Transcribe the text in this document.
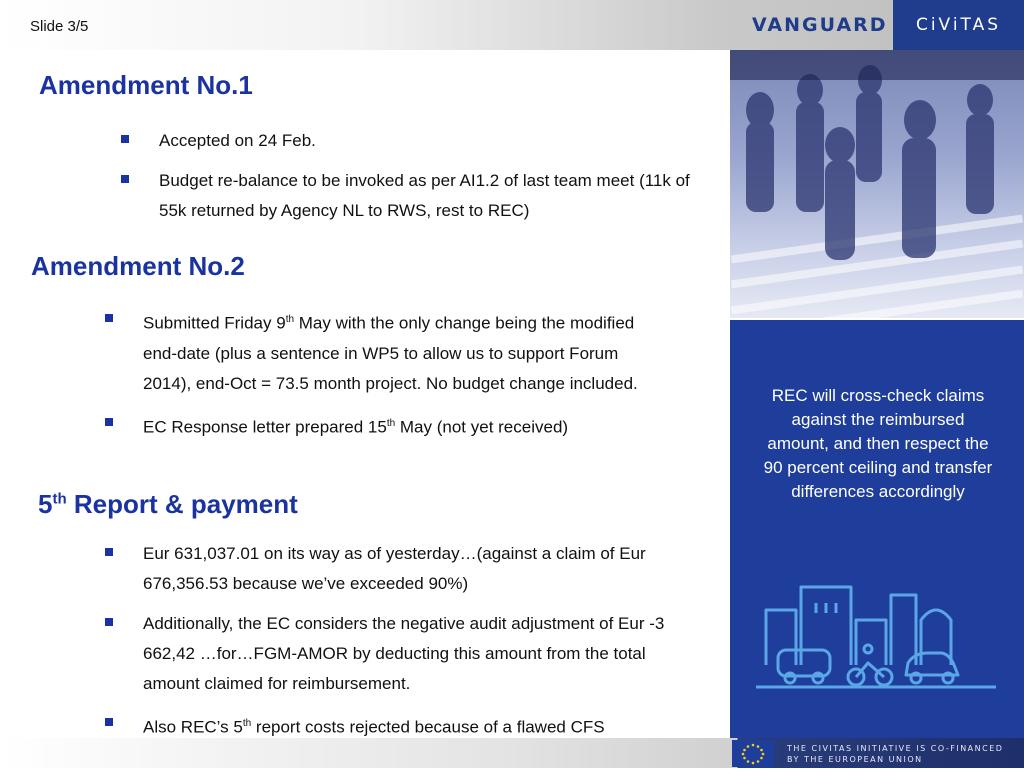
Slide 3/5	VANGUARD	CiViTAS
REC will cross-check claims against the reimbursed amount, and then respect the 90 percent ceiling and transfer differences accordingly
Amendment No.1
Accepted on 24 Feb.
Budget re-balance to be invoked as per AI1.2 of last team meet (11k of 55k returned by Agency NL to RWS, rest to REC)
Amendment No.2
Submitted Friday 9th May with the only change being the modified end-date (plus a sentence in WP5 to allow us to support Forum 2014), end-Oct = 73.5 month project. No budget change included.
EC Response letter prepared 15th May (not yet received)
5th Report & payment
Eur 631,037.01 on its way as of yesterday…(against a claim of Eur 676,356.53 because we’ve exceeded 90%)
Additionally, the EC considers the negative audit adjustment of Eur -3 662,42 …for…FGM-AMOR by deducting this amount from the total amount claimed for reimbursement.
Also REC’s 5th report costs rejected because of a flawed CFS
THE CIVITAS INITIATIVE IS CO-FINANCED
BY THE EUROPEAN UNION
